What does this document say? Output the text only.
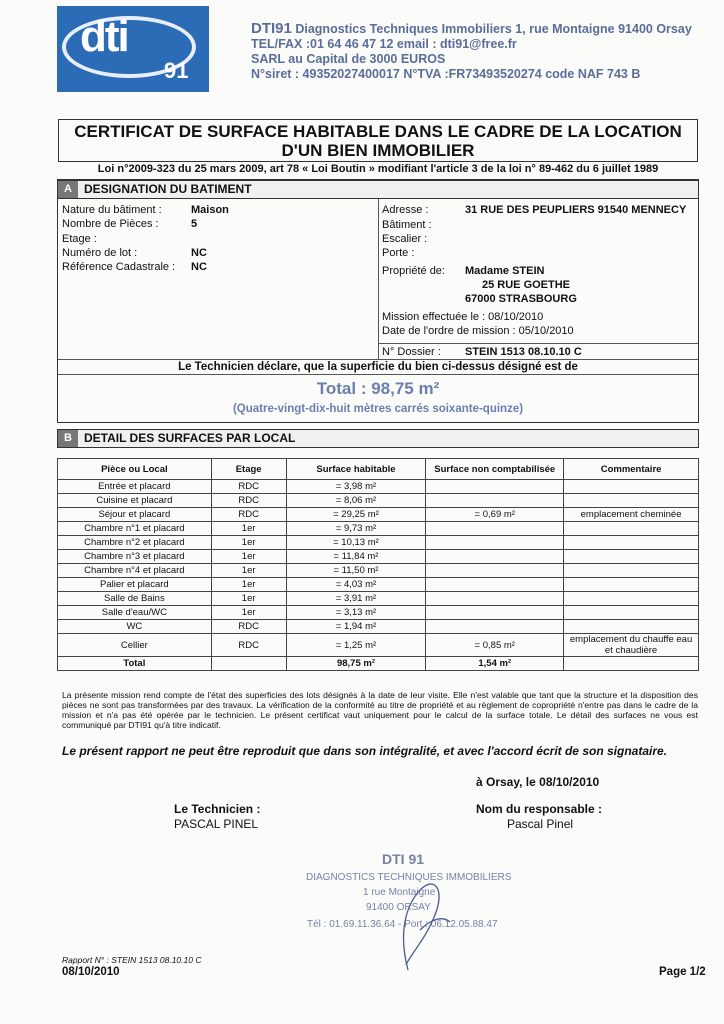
dti
91
DTI91 Diagnostics Techniques Immobiliers 1, rue Montaigne 91400 Orsay
TEL/FAX :01 64 46 47 12 email : dti91@free.fr
SARL au Capital de 3000 EUROS
N°siret : 49352027400017 N°TVA :FR73493520274 code NAF 743 B
CERTIFICAT DE SURFACE HABITABLE DANS LE CADRE DE LA LOCATION
D'UN BIEN IMMOBILIER
Loi n°2009-323 du 25 mars 2009, art 78 « Loi Boutin » modifiant l'article 3 de la loi n° 89-462 du 6 juillet 1989
A	DESIGNATION DU BATIMENT
Nature du bâtiment :	Maison
Nombre de Pièces :	5
Etage :
Numéro de lot :	NC
Référence Cadastrale : NC
Adresse :	31 RUE DES PEUPLIERS 91540 MENNECY
Bâtiment :
Escalier :
Porte :
Propriété de: Madame STEIN
25 RUE GOETHE
67000 STRASBOURG
Mission effectuée le : 08/10/2010
Date de l'ordre de mission : 05/10/2010
N° Dossier : STEIN 1513 08.10.10 C
Le Technicien déclare, que la superficie du bien ci-dessus désigné est de
Total : 98,75 m²
(Quatre-vingt-dix-huit mètres carrés soixante-quinze)
B	DETAIL DES SURFACES PAR LOCAL
Pièce ou Local	Etage	Surface habitable	Surface non comptabilisée	Commentaire
Entrée et placard	RDC	= 3,98 m²		
Cuisine et placard	RDC	= 8,06 m²		
Séjour et placard	RDC	= 29,25 m²	= 0,69 m²	emplacement cheminée
Chambre n°1 et placard	1er	= 9,73 m²		
Chambre n°2 et placard	1er	= 10,13 m²		
Chambre n°3 et placard	1er	= 11,84 m²		
Chambre n°4 et placard	1er	= 11,50 m²		
Palier et placard	1er	= 4,03 m²		
Salle de Bains	1er	= 3,91 m²		
Salle d'eau/WC	1er	= 3,13 m²		
WC	RDC	= 1,94 m²		
Cellier	RDC	= 1,25 m²	= 0,85 m²	emplacement du chauffe eau et chaudière
Total		98,75 m²	1,54 m²	
La présente mission rend compte de l'état des superficies des lots désignés à la date de leur visite. Elle n'est valable que tant que la structure et la disposition des pièces ne sont pas transformées par des travaux. La vérification de la conformité au titre de propriété et au règlement de copropriété n'entre pas dans le cadre de la mission et n'a pas été opérée par le technicien. Le présent certificat vaut uniquement pour le calcul de la surface totale. Le détail des surfaces ne vous est communiqué par DTI91 qu'à titre indicatif.
Le présent rapport ne peut être reproduit que dans son intégralité, et avec l'accord écrit de son signataire.
à Orsay, le 08/10/2010
Le Technicien :
PASCAL PINEL
Nom du responsable :
Pascal Pinel
DTI 91
DIAGNOSTICS TECHNIQUES IMMOBILIERS
1 rue Montaigne
91400 ORSAY
Tél : 01.69.11.36.64 - Port : 06.12.05.88.47
Rapport N° : STEIN 1513 08.10.10 C
08/10/2010	Page 1/2
